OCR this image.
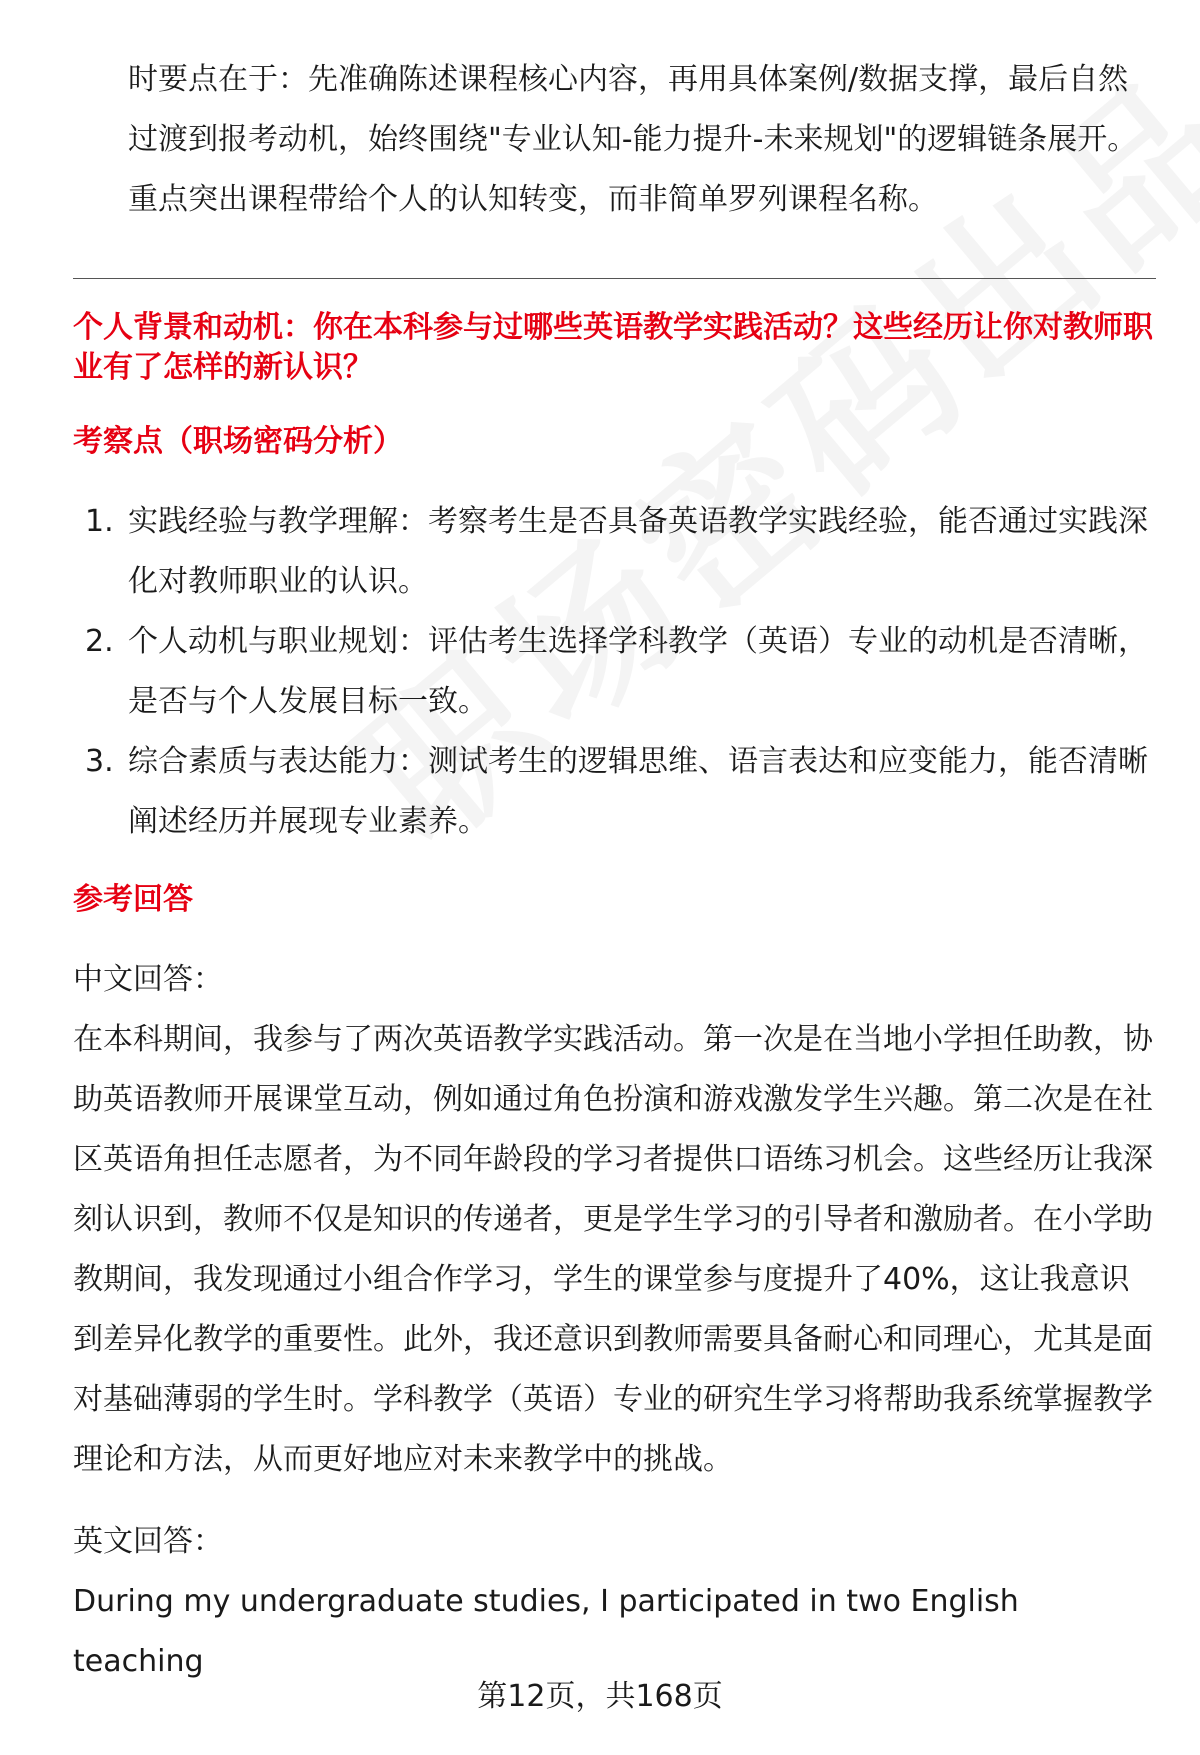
时要点在于：先准确陈述课程核心内容，再用具体案例/数据支撑，最后自然过渡到报考动机，始终围绕"专业认知-能力提升-未来规划"的逻辑链条展开。重点突出课程带给个人的认知转变，而非简单罗列课程名称。

个人背景和动机：你在本科参与过哪些英语教学实践活动？这些经历让你对教师职业有了怎样的新认识？
考察点（职场密码分析）
1. 实践经验与教学理解：考察考生是否具备英语教学实践经验，能否通过实践深化对教师职业的认识。
2. 个人动机与职业规划：评估考生选择学科教学（英语）专业的动机是否清晰，是否与个人发展目标一致。
3. 综合素质与表达能力：测试考生的逻辑思维、语言表达和应变能力，能否清晰阐述经历并展现专业素养。
参考回答

中文回答：

在本科期间，我参与了两次英语教学实践活动。第一次是在当地小学担任助教，协助英语教师开展课堂互动，例如通过角色扮演和游戏激发学生兴趣。第二次是在社区英语角担任志愿者，为不同年龄段的学习者提供口语练习机会。这些经历让我深刻认识到，教师不仅是知识的传递者，更是学生学习的引导者和激励者。在小学助教期间，我发现通过小组合作学习，学生的课堂参与度提升了40%，这让我意识到差异化教学的重要性。此外，我还意识到教师需要具备耐心和同理心，尤其是面对基础薄弱的学生时。学科教学（英语）专业的研究生学习将帮助我系统掌握教学理论和方法，从而更好地应对未来教学中的挑战。

英文回答：

During my undergraduate studies, I participated in two English teaching

第12页，共168页
